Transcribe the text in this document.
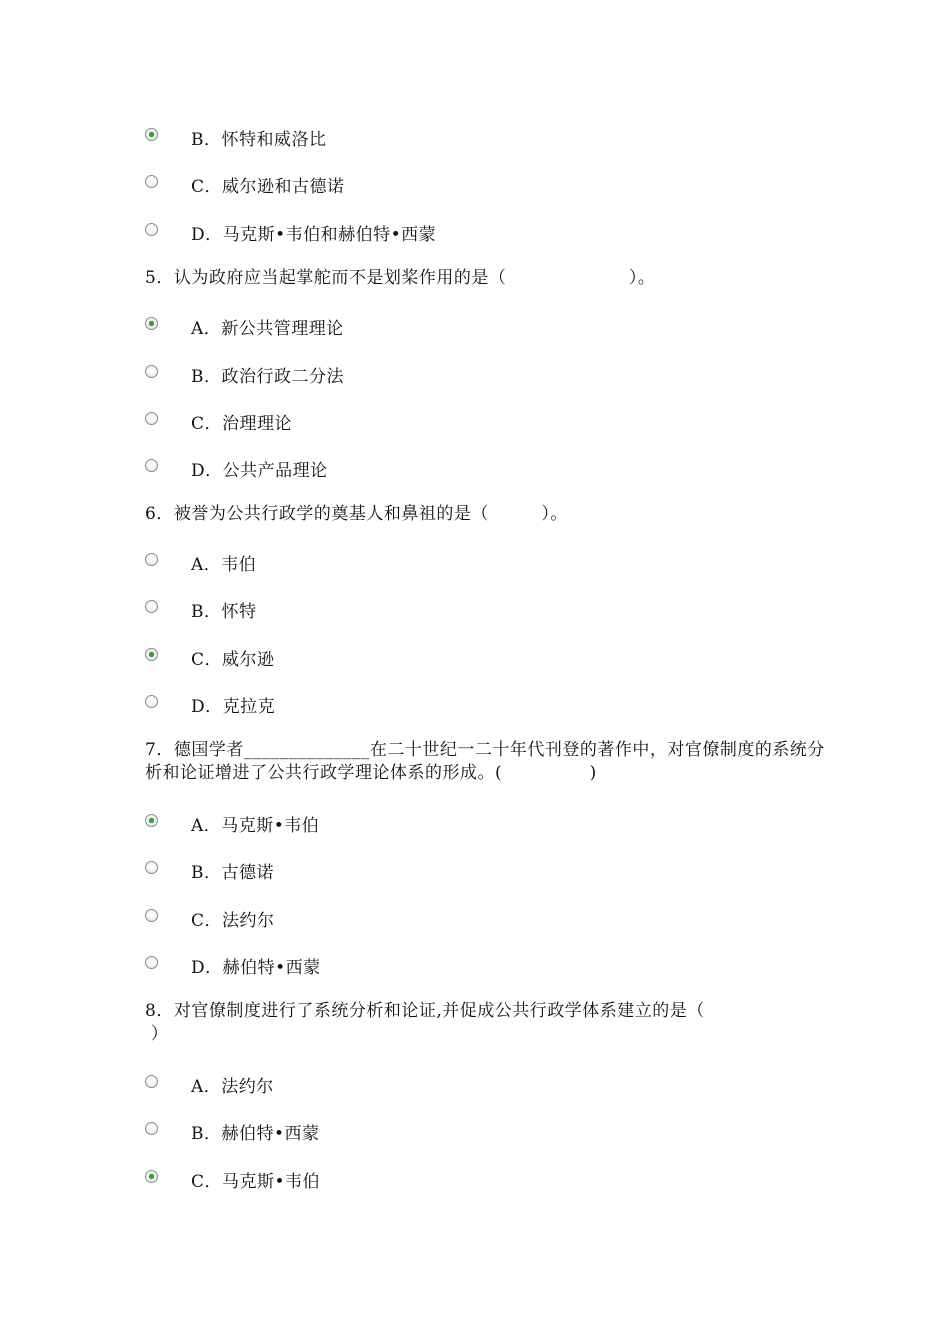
B．怀特和威洛比
C．威尔逊和古德诺
D．马克斯•韦伯和赫伯特•西蒙
5．认为政府应当起掌舵而不是划桨作用的是（　　　　　　　）。
A．新公共管理理论
B．政治行政二分法
C．治理理论
D．公共产品理论
6．被誉为公共行政学的奠基人和鼻祖的是（　　　）。
A．韦伯
B．怀特
C．威尔逊
D．克拉克
7．德国学者______________在二十世纪一二十年代刊登的著作中，对官僚制度的系统分析和论证增进了公共行政学理论体系的形成。(　　　　　)
A．马克斯•韦伯
B．古德诺
C．法约尔
D．赫伯特•西蒙
8．对官僚制度进行了系统分析和论证,并促成公共行政学体系建立的是（
）
A．法约尔
B．赫伯特•西蒙
C．马克斯•韦伯
